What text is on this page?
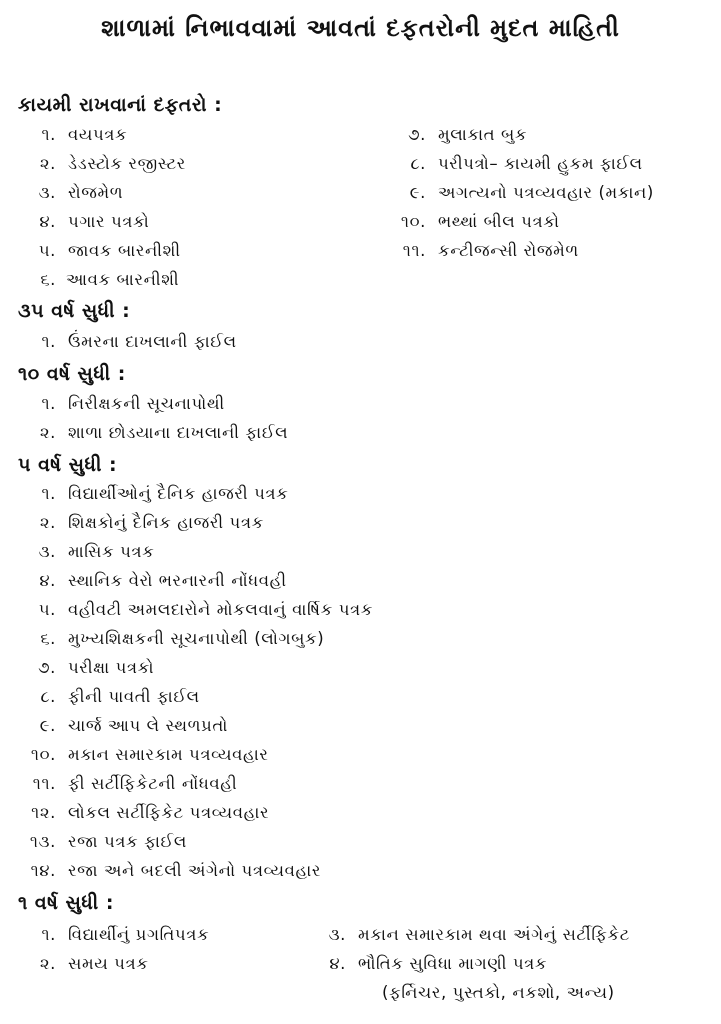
શાળામાં નિભાવવામાં આવતાં દફતરોની મુદત માહિતી
કાયમી રાખવાનાં દફતરો :
૧. વયપત્રક
૨. ડેડસ્ટોક રજીસ્ટર
૩. રોજમેળ
૪. પગાર પત્રકો
૫. જાવક બારનીશી
૬. આવક બારનીશી
૭. મુલાકાત બુક
૮. પરીપત્રો– કાયમી હુકમ ફાઈલ
૯. અગત્યનો પત્રવ્યવહાર (મકાન)
૧૦. ભથ્થાં બીલ પત્રકો
૧૧. કન્ટીજન્સી રોજમેળ
૩૫ વર્ષ સુધી :
૧. ઉંમરના દાખલાની ફાઈલ
૧૦ વર્ષ સુધી :
૧. નિરીક્ષકની સૂચનાપોથી
૨. શાળા છોડયાના દાખલાની ફાઈલ
૫ વર્ષ સુધી :
૧. વિદ્યાર્થીઓનું દૈનિક હાજરી પત્રક
૨. શિક્ષકોનું દૈનિક હાજરી પત્રક
૩. માસિક પત્રક
૪. સ્થાનિક વેરો ભરનારની નોંધવહી
૫. વહીવટી અમલદારોને મોકલવાનું વાર્ષિક પત્રક
૬. મુખ્યશિક્ષકની સૂચનાપોથી (લોગબુક)
૭. પરીક્ષા પત્રકો
૮. ફીની પાવતી ફાઈલ
૯. ચાર્જ આપ લે સ્થળપ્રતો
૧૦. મકાન સમારકામ પત્રવ્યવહાર
૧૧. ફી સર્ટીફિકેટની નોંધવહી
૧૨. લોકલ સર્ટીફિકેટ પત્રવ્યવહાર
૧૩. રજા પત્રક ફાઈલ
૧૪. રજા અને બદલી અંગેનો પત્રવ્યવહાર
૧ વર્ષ સુધી :
૧. વિદ્યાર્થીનું પ્રગતિપત્રક
૨. સમય પત્રક
૩. મકાન સમારકામ થવા અંગેનું સર્ટીફિકેટ
૪. ભૌતિક સુવિધા માગણી પત્રક
(ફર્નિચર, પુસ્તકો, નકશો, અન્ય)
